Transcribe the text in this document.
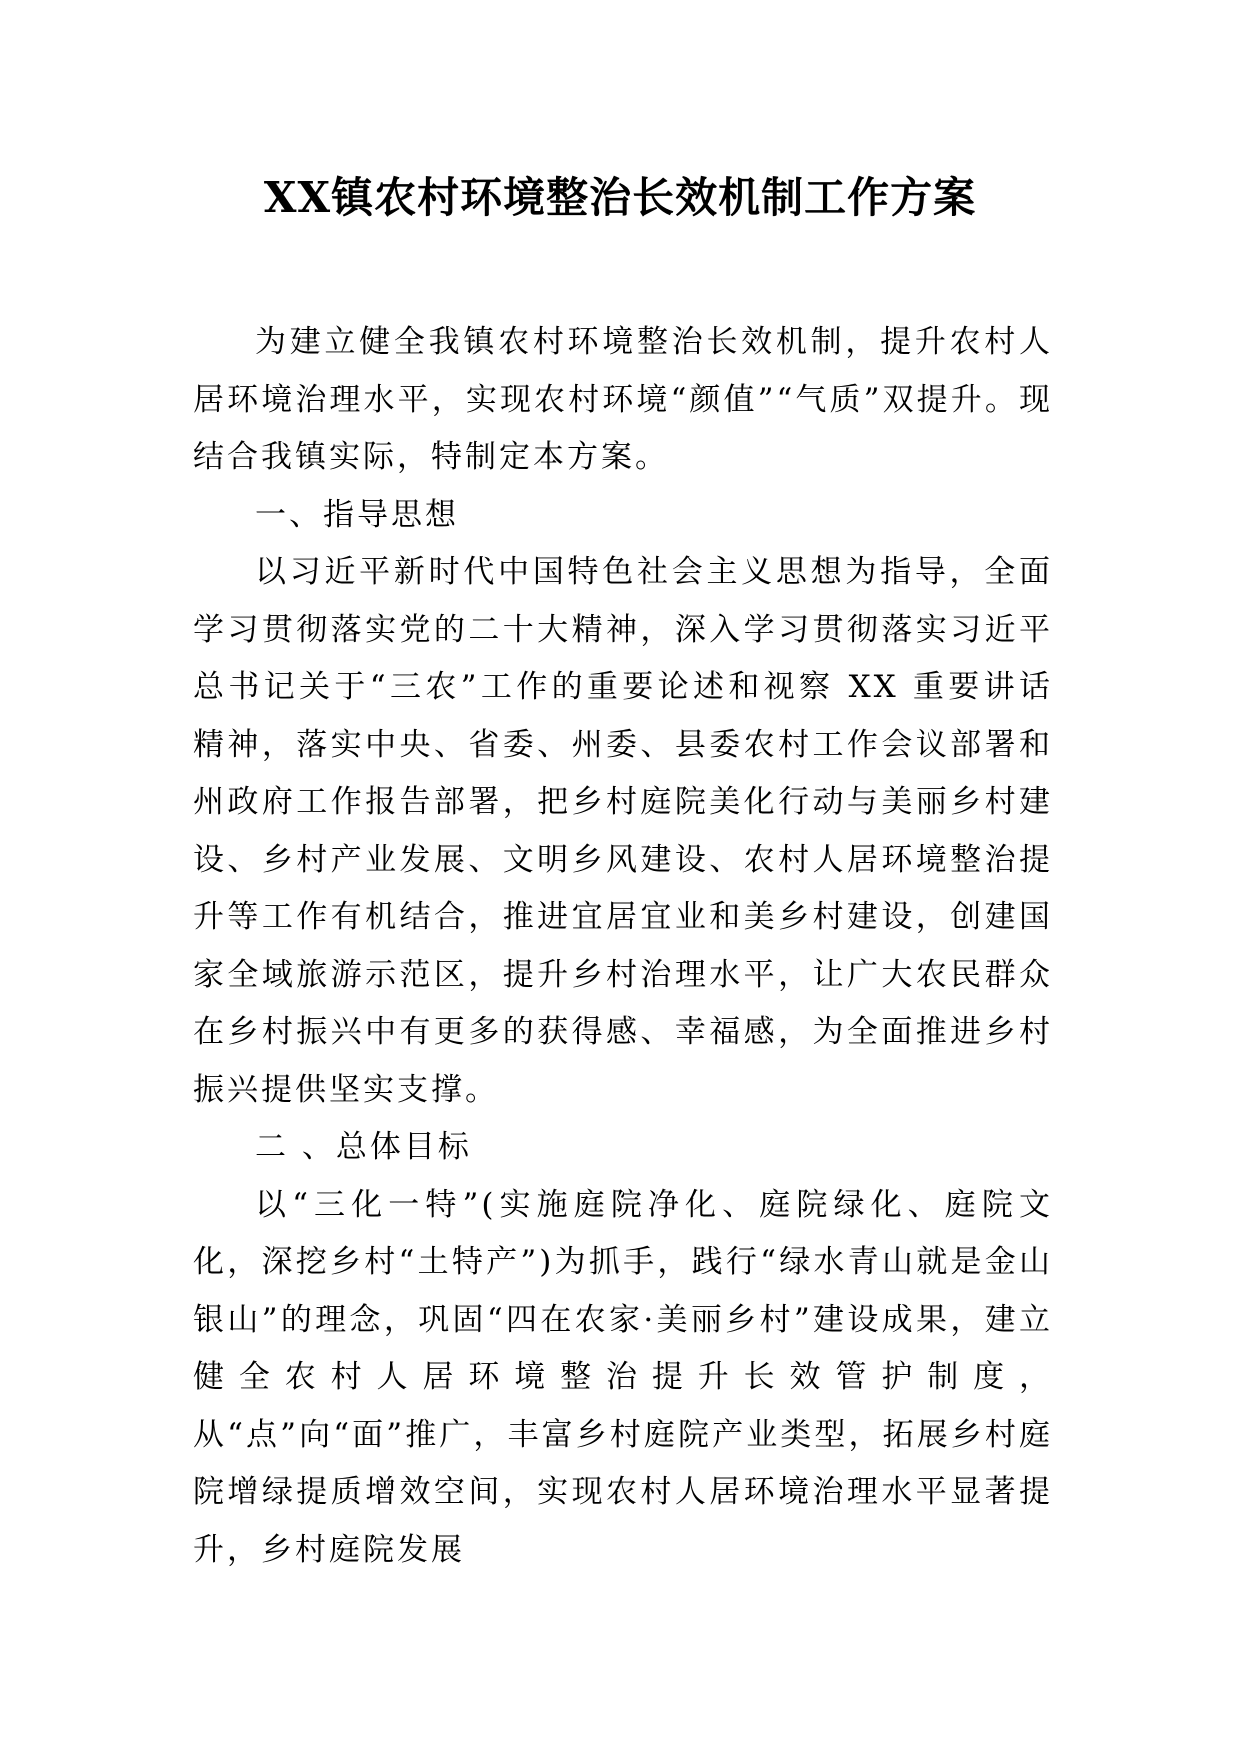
XX镇农村环境整治长效机制工作方案

为建立健全我镇农村环境整治长效机制，提升农村人居环境治理水平，实现农村环境“颜值”“气质”双提升。现结合我镇实际，特制定本方案。

一、指导思想

以习近平新时代中国特色社会主义思想为指导，全面学习贯彻落实党的二十大精神，深入学习贯彻落实习近平总书记关于“三农”工作的重要论述和视察 XX 重要讲话精神，落实中央、省委、州委、县委农村工作会议部署和州政府工作报告部署，把乡村庭院美化行动与美丽乡村建设、乡村产业发展、文明乡风建设、农村人居环境整治提升等工作有机结合，推进宜居宜业和美乡村建设，创建国家全域旅游示范区，提升乡村治理水平，让广大农民群众在乡村振兴中有更多的获得感、幸福感，为全面推进乡村振兴提供坚实支撑。

二 、总体目标

以“三化一特”(实施庭院净化、庭院绿化、庭院文化，深挖乡村“土特产”)为抓手，践行“绿水青山就是金山银山”的理念，巩固“四在农家·美丽乡村”建设成果，建立健全农村人居环境整治提升长效管护制度，从“点”向“面”推广，丰富乡村庭院产业类型，拓展乡村庭院增绿提质增效空间，实现农村人居环境治理水平显著提升，乡村庭院发展
